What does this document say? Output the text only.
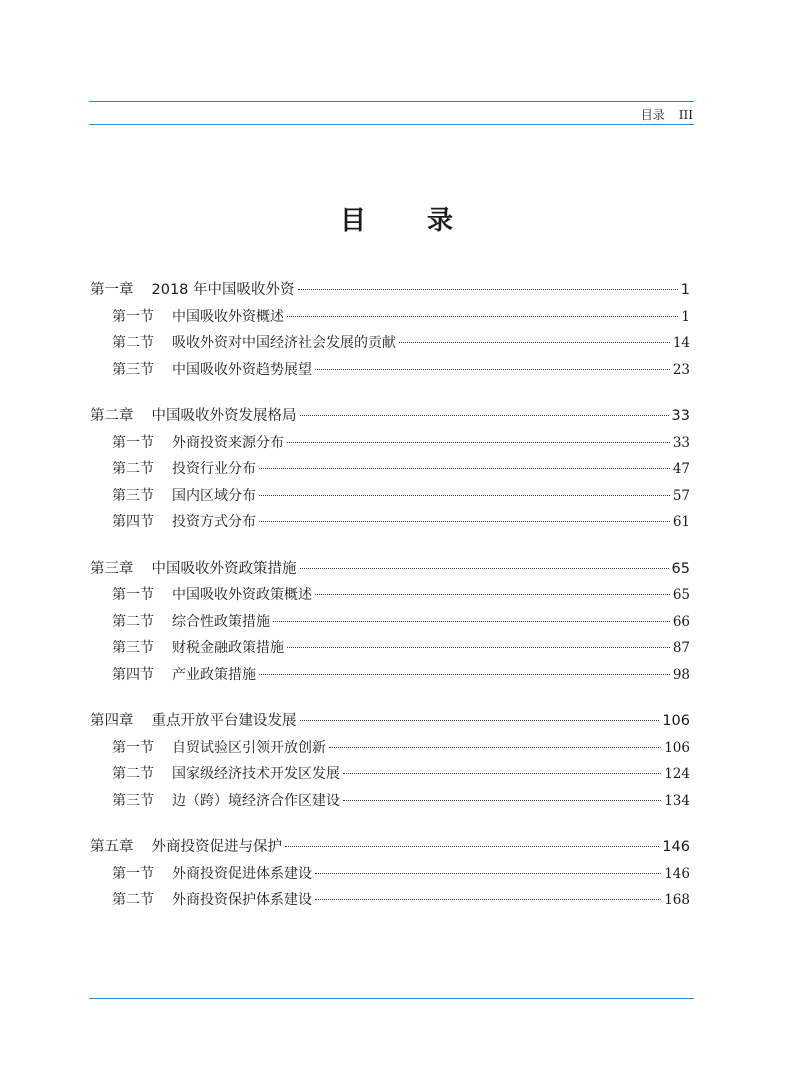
目录 III
目 录
第一章 2018 年中国吸收外资	1
第一节 中国吸收外资概述	1
第二节 吸收外资对中国经济社会发展的贡献	14
第三节 中国吸收外资趋势展望	23
第二章 中国吸收外资发展格局	33
第一节 外商投资来源分布	33
第二节 投资行业分布	47
第三节 国内区域分布	57
第四节 投资方式分布	61
第三章 中国吸收外资政策措施	65
第一节 中国吸收外资政策概述	65
第二节 综合性政策措施	66
第三节 财税金融政策措施	87
第四节 产业政策措施	98
第四章 重点开放平台建设发展	106
第一节 自贸试验区引领开放创新	106
第二节 国家级经济技术开发区发展	124
第三节 边（跨）境经济合作区建设	134
第五章 外商投资促进与保护	146
第一节 外商投资促进体系建设	146
第二节 外商投资保护体系建设	168
